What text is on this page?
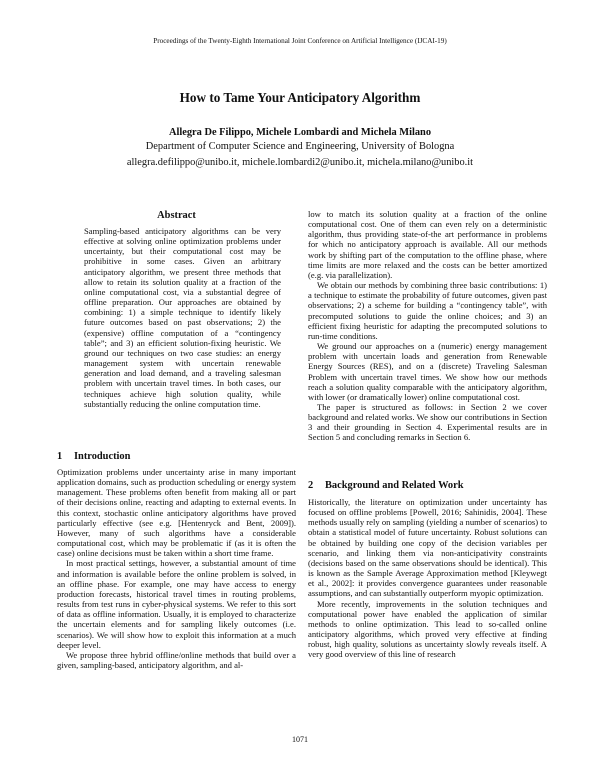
Proceedings of the Twenty-Eighth International Joint Conference on Artificial Intelligence (IJCAI-19)
How to Tame Your Anticipatory Algorithm
Allegra De Filippo, Michele Lombardi and Michela Milano
Department of Computer Science and Engineering, University of Bologna
allegra.defilippo@unibo.it, michele.lombardi2@unibo.it, michela.milano@unibo.it
Abstract
Sampling-based anticipatory algorithms can be very effective at solving online optimization problems under uncertainty, but their computational cost may be prohibitive in some cases. Given an arbitrary anticipatory algorithm, we present three methods that allow to retain its solution quality at a fraction of the online computational cost, via a substantial degree of offline preparation. Our approaches are obtained by combining: 1) a simple technique to identify likely future outcomes based on past observations; 2) the (expensive) offline computation of a “contingency table”; and 3) an efficient solution-fixing heuristic. We ground our techniques on two case studies: an energy management system with uncertain renewable generation and load demand, and a traveling salesman problem with uncertain travel times. In both cases, our techniques achieve high solution quality, while substantially reducing the online computation time.
1 Introduction

Optimization problems under uncertainty arise in many important application domains, such as production scheduling or energy system management. These problems often benefit from making all or part of their decisions online, reacting and adapting to external events. In this context, stochastic online anticipatory algorithms have proved particularly effective (see e.g. [Hentenryck and Bent, 2009]). However, many of such algorithms have a considerable computational cost, which may be problematic if (as it is often the case) online decisions must be taken within a short time frame.

In most practical settings, however, a substantial amount of time and information is available before the online problem is solved, in an offline phase. For example, one may have access to energy production forecasts, historical travel times in routing problems, results from test runs in cyber-physical systems. We refer to this sort of data as offline information. Usually, it is employed to characterize the uncertain elements and for sampling likely outcomes (i.e. scenarios). We will show how to exploit this information at a much deeper level.

We propose three hybrid offline/online methods that build over a given, sampling-based, anticipatory algorithm, and al-

low to match its solution quality at a fraction of the online computational cost. One of them can even rely on a deterministic algorithm, thus providing state-of-the art performance in problems for which no anticipatory approach is available. All our methods work by shifting part of the computation to the offline phase, where time limits are more relaxed and the costs can be better amortized (e.g. via parallelization).

We obtain our methods by combining three basic contributions: 1) a technique to estimate the probability of future outcomes, given past observations; 2) a scheme for building a “contingency table”, with precomputed solutions to guide the online choices; and 3) an efficient fixing heuristic for adapting the precomputed solutions to run-time conditions.

We ground our approaches on a (numeric) energy management problem with uncertain loads and generation from Renewable Energy Sources (RES), and on a (discrete) Traveling Salesman Problem with uncertain travel times. We show how our methods reach a solution quality comparable with the anticipatory algorithm, with lower (or dramatically lower) online computational cost.

The paper is structured as follows: in Section 2 we cover background and related works. We show our contributions in Section 3 and their grounding in Section 4. Experimental results are in Section 5 and concluding remarks in Section 6.

2 Background and Related Work

Historically, the literature on optimization under uncertainty has focused on offline problems [Powell, 2016; Sahinidis, 2004]. These methods usually rely on sampling (yielding a number of scenarios) to obtain a statistical model of future uncertainty. Robust solutions can be obtained by building one copy of the decision variables per scenario, and linking them via non-anticipativity constraints (decisions based on the same observations should be identical). This is known as the Sample Average Approximation method [Kleywegt et al., 2002]: it provides convergence guarantees under reasonable assumptions, and can substantially outperform myopic optimization.

More recently, improvements in the solution techniques and computational power have enabled the application of similar methods to online optimization. This lead to so-called online anticipatory algorithms, which proved very effective at finding robust, high quality, solutions as uncertainty slowly reveals itself. A very good overview of this line of research

1071
